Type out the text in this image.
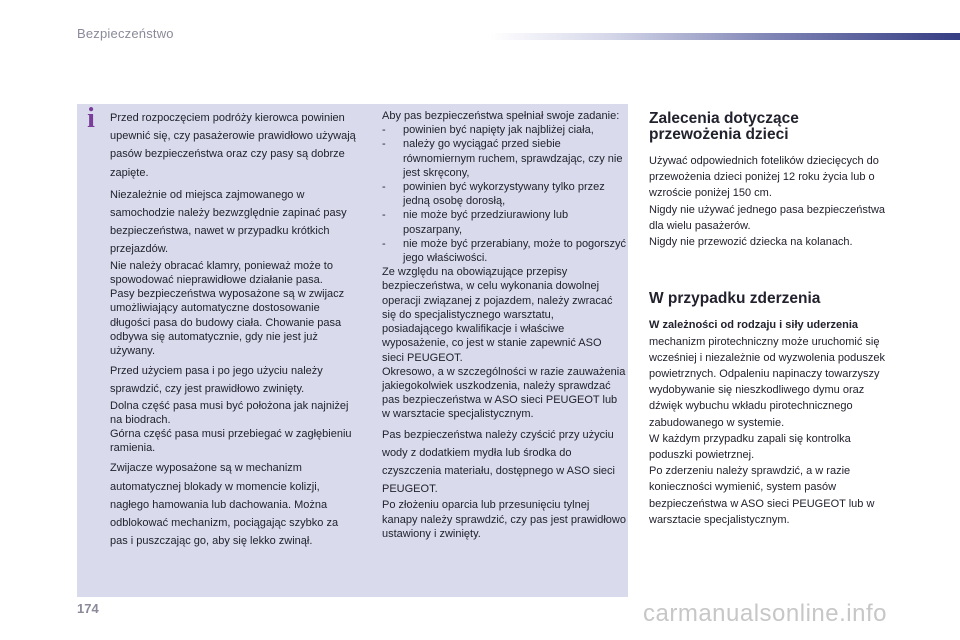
Bezpieczeństwo
i Przed rozpoczęciem podróży kierowca powinien upewnić się, czy pasażerowie prawidłowo używają pasów bezpieczeństwa oraz czy pasy są dobrze zapięte.

Niezależnie od miejsca zajmowanego w samochodzie należy bezwzględnie zapinać pasy bezpieczeństwa, nawet w przypadku krótkich przejazdów.

Nie należy obracać klamry, ponieważ może to spowodować nieprawidłowe działanie pasa.

Pasy bezpieczeństwa wyposażone są w zwijacz umożliwiający automatyczne dostosowanie długości pasa do budowy ciała. Chowanie pasa odbywa się automatycznie, gdy nie jest już używany.

Przed użyciem pasa i po jego użyciu należy sprawdzić, czy jest prawidłowo zwinięty.

Dolna część pasa musi być położona jak najniżej na biodrach.

Górna część pasa musi przebiegać w zagłębieniu ramienia.

Zwijacze wyposażone są w mechanizm automatycznej blokady w momencie kolizji, nagłego hamowania lub dachowania. Można odblokować mechanizm, pociągając szybko za pas i puszczając go, aby się lekko zwinął.

Aby pas bezpieczeństwa spełniał swoje zadanie:

- powinien być napięty jak najbliżej ciała,
- należy go wyciągać przed siebie równomiernym ruchem, sprawdzając, czy nie jest skręcony,
- powinien być wykorzystywany tylko przez jedną osobę dorosłą,
- nie może być przedziurawiony lub poszarpany,
- nie może być przerabiany, może to pogorszyć jego właściwości.

Ze względu na obowiązujące przepisy bezpieczeństwa, w celu wykonania dowolnej operacji związanej z pojazdem, należy zwracać się do specjalistycznego warsztatu, posiadającego kwalifikacje i właściwe wyposażenie, co jest w stanie zapewnić ASO sieci PEUGEOT.

Okresowo, a w szczególności w razie zauważenia jakiegokolwiek uszkodzenia, należy sprawdzać pas bezpieczeństwa w ASO sieci PEUGEOT lub w warsztacie specjalistycznym.

Pas bezpieczeństwa należy czyścić przy użyciu wody z dodatkiem mydła lub środka do czyszczenia materiału, dostępnego w ASO sieci PEUGEOT.

Po złożeniu oparcia lub przesunięciu tylnej kanapy należy sprawdzić, czy pas jest prawidłowo ustawiony i zwinięty.

Zalecenia dotyczące przewożenia dzieci

Używać odpowiednich fotelików dziecięcych do przewożenia dzieci poniżej 12 roku życia lub o wzroście poniżej 150 cm.

Nigdy nie używać jednego pasa bezpieczeństwa dla wielu pasażerów.

Nigdy nie przewozić dziecka na kolanach.

W przypadku zderzenia

W zależności od rodzaju i siły uderzenia

mechanizm pirotechniczny może uruchomić się wcześniej i niezależnie od wyzwolenia poduszek powietrznych. Odpaleniu napinaczy towarzyszy wydobywanie się nieszkodliwego dymu oraz dźwięk wybuchu wkładu pirotechnicznego zabudowanego w systemie.

W każdym przypadku zapali się kontrolka poduszki powietrznej.

Po zderzeniu należy sprawdzić, a w razie konieczności wymienić, system pasów bezpieczeństwa w ASO sieci PEUGEOT lub w warsztacie specjalistycznym.

174	carmanualsonline.info
